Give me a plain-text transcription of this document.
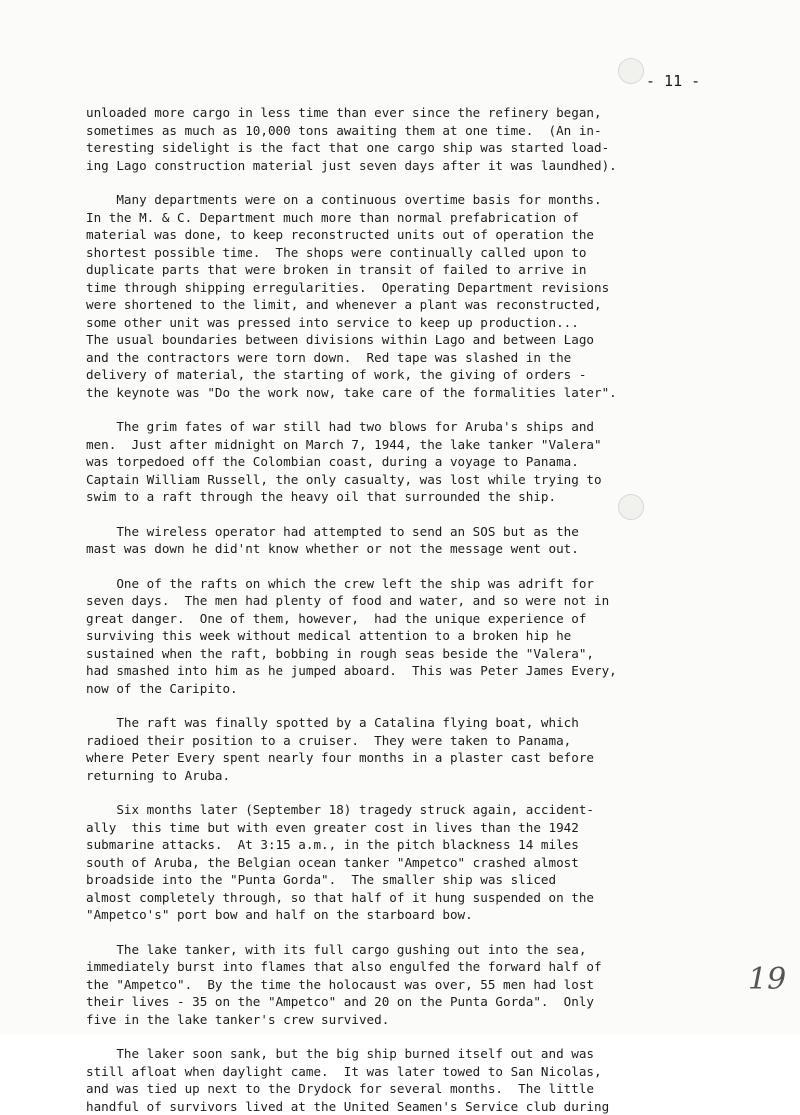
- 11 -
unloaded more cargo in less time than ever since the refinery began,
sometimes as much as 10,000 tons awaiting them at one time.  (An in-
teresting sidelight is the fact that one cargo ship was started load-
ing Lago construction material just seven days after it was laundhed).
Many departments were on a continuous overtime basis for months.
In the M. & C. Department much more than normal prefabrication of
material was done, to keep reconstructed units out of operation the
shortest possible time.  The shops were continually called upon to
duplicate parts that were broken in transit of failed to arrive in
time through shipping erregularities.  Operating Department revisions
were shortened to the limit, and whenever a plant was reconstructed,
some other unit was pressed into service to keep up production...
The usual boundaries between divisions within Lago and between Lago
and the contractors were torn down.  Red tape was slashed in the
delivery of material, the starting of work, the giving of orders -
the keynote was "Do the work now, take care of the formalities later".
The grim fates of war still had two blows for Aruba's ships and
men.  Just after midnight on March 7, 1944, the lake tanker "Valera"
was torpedoed off the Colombian coast, during a voyage to Panama.
Captain William Russell, the only casualty, was lost while trying to
swim to a raft through the heavy oil that surrounded the ship.
The wireless operator had attempted to send an SOS but as the
mast was down he did'nt know whether or not the message went out.
One of the rafts on which the crew left the ship was adrift for
seven days.  The men had plenty of food and water, and so were not in
great danger.  One of them, however,  had the unique experience of
surviving this week without medical attention to a broken hip he
sustained when the raft, bobbing in rough seas beside the "Valera",
had smashed into him as he jumped aboard.  This was Peter James Every,
now of the Caripito.
The raft was finally spotted by a Catalina flying boat, which
radioed their position to a cruiser.  They were taken to Panama,
where Peter Every spent nearly four months in a plaster cast before
returning to Aruba.
Six months later (September 18) tragedy struck again, accident-
ally  this time but with even greater cost in lives than the 1942
submarine attacks.  At 3:15 a.m., in the pitch blackness 14 miles
south of Aruba, the Belgian ocean tanker "Ampetco" crashed almost
broadside into the "Punta Gorda".  The smaller ship was sliced
almost completely through, so that half of it hung suspended on the
"Ampetco's" port bow and half on the starboard bow.
The lake tanker, with its full cargo gushing out into the sea,
immediately burst into flames that also engulfed the forward half of
the "Ampetco".  By the time the holocaust was over, 55 men had lost
their lives - 35 on the "Ampetco" and 20 on the Punta Gorda".  Only
five in the lake tanker's crew survived.
The laker soon sank, but the big ship burned itself out and was
still afloat when daylight came.  It was later towed to San Nicolas,
and was tied up next to the Drydock for several months.  The little
handful of survivors lived at the United Seamen's Service club during
19
